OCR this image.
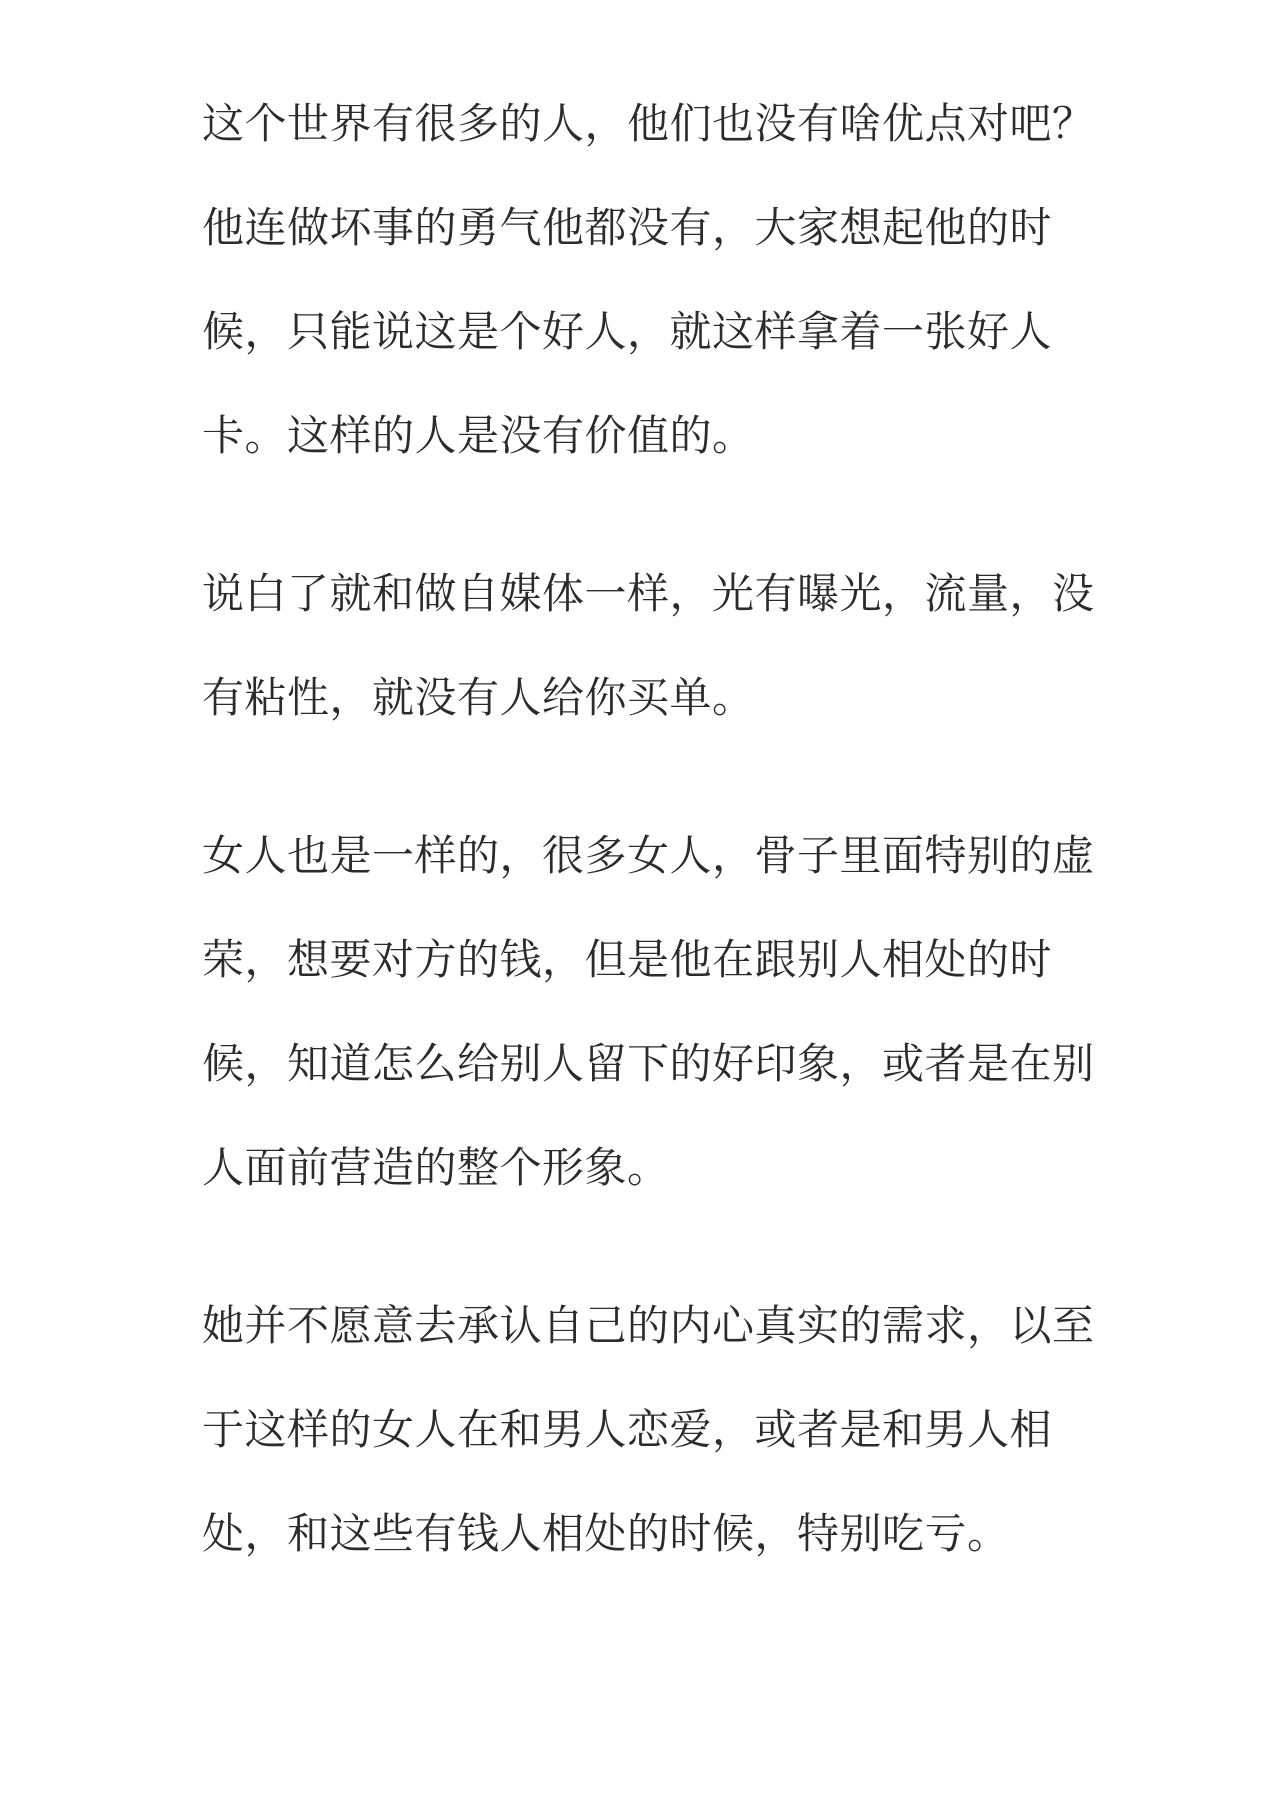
这个世界有很多的人，他们也没有啥优点对吧？
他连做坏事的勇气他都没有，大家想起他的时
候，只能说这是个好人，就这样拿着一张好人
卡。这样的人是没有价值的。
说白了就和做自媒体一样，光有曝光，流量，没
有粘性，就没有人给你买单。
女人也是一样的，很多女人，骨子里面特别的虚
荣，想要对方的钱，但是他在跟别人相处的时
候，知道怎么给别人留下的好印象，或者是在别
人面前营造的整个形象。
她并不愿意去承认自己的内心真实的需求，以至
于这样的女人在和男人恋爱，或者是和男人相
处，和这些有钱人相处的时候，特别吃亏。
